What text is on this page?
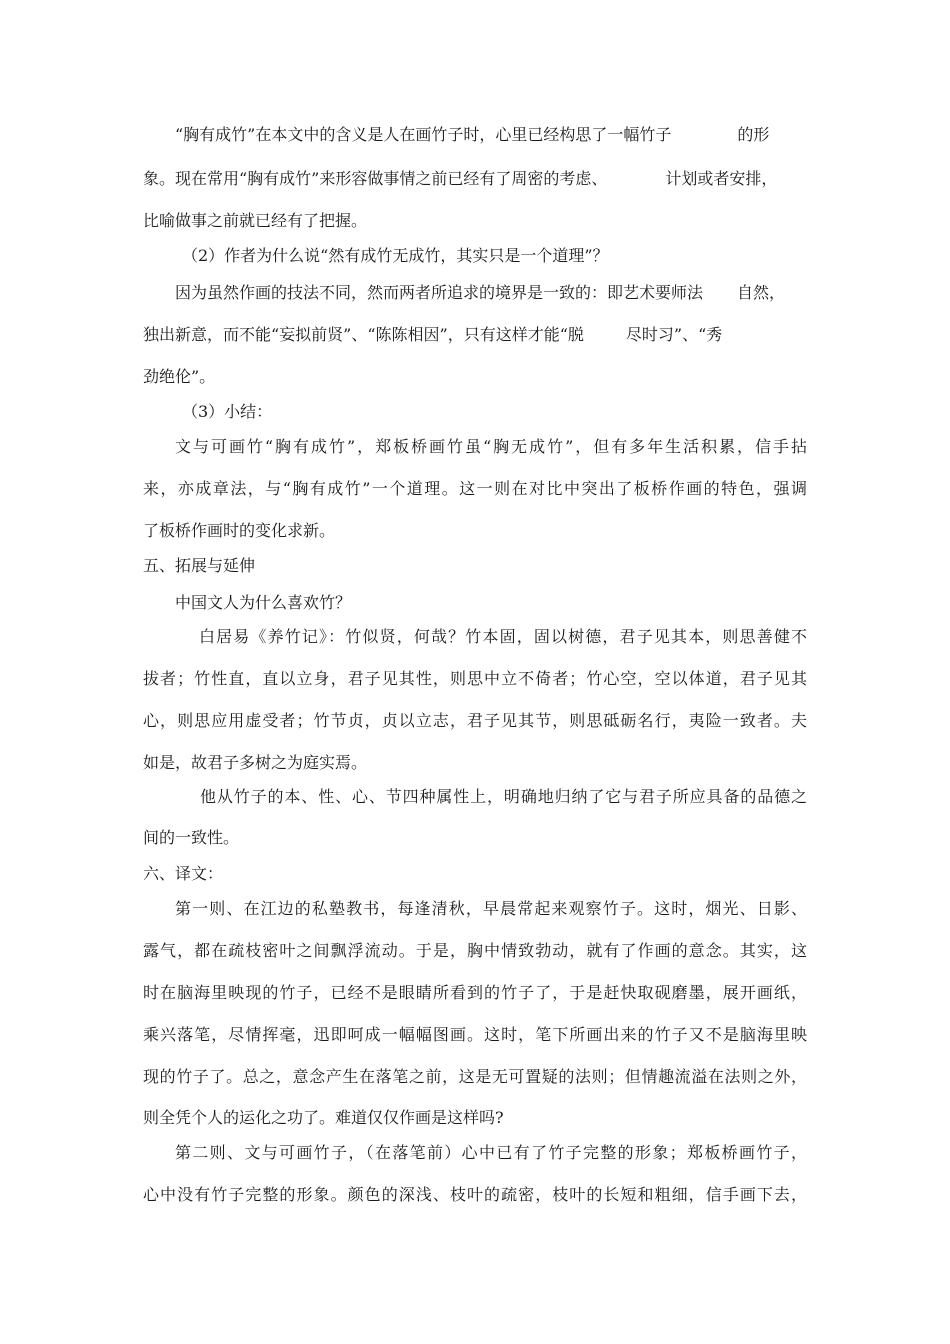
“胸有成竹”在本文中的含义是人在画竹子时，心里已经构思了一幅竹子	的形
象。现在常用“胸有成竹”来形容做事情之前已经有了周密的考虑、	计划或者安排，
比喻做事之前就已经有了把握。
（2）作者为什么说“然有成竹无成竹，其实只是一个道理”？
因为虽然作画的技法不同，然而两者所追求的境界是一致的：即艺术要师法 自然，
独出新意，而不能“妄拟前贤”、“陈陈相因”，只有这样才能“脱	尽时习”、“秀
劲绝伦”。
（3）小结：
文与可画竹“胸有成竹”，郑板桥画竹虽“胸无成竹”，但有多年生活积累，信手拈
来，亦成章法，与“胸有成竹”一个道理。这一则在对比中突出了板桥作画的特色，强调
了板桥作画时的变化求新。
五、拓展与延伸
中国文人为什么喜欢竹？
白居易《养竹记》：竹似贤，何哉？竹本固，固以树德，君子见其本，则思善健不
拔者；竹性直，直以立身，君子见其性，则思中立不倚者；竹心空，空以体道，君子见其
心，则思应用虚受者；竹节贞，贞以立志，君子见其节，则思砥砺名行，夷险一致者。夫
如是，故君子多树之为庭实焉。
他从竹子的本、性、心、节四种属性上，明确地归纳了它与君子所应具备的品德之
间的一致性。
六、译文：
第一则、在江边的私塾教书，每逢清秋，早晨常起来观察竹子。这时，烟光、日影、
露气，都在疏枝密叶之间飘浮流动。于是，胸中情致勃动，就有了作画的意念。其实，这
时在脑海里映现的竹子，已经不是眼睛所看到的竹子了，于是赶快取砚磨墨，展开画纸，
乘兴落笔，尽情挥毫，迅即呵成一幅幅图画。这时，笔下所画出来的竹子又不是脑海里映
现的竹子了。总之，意念产生在落笔之前，这是无可置疑的法则；但情趣流溢在法则之外，
则全凭个人的运化之功了。难道仅仅作画是这样吗?
第二则、文与可画竹子，（在落笔前）心中已有了竹子完整的形象；郑板桥画竹子，
心中没有竹子完整的形象。颜色的深浅、枝叶的疏密，枝叶的长短和粗细，信手画下去，
